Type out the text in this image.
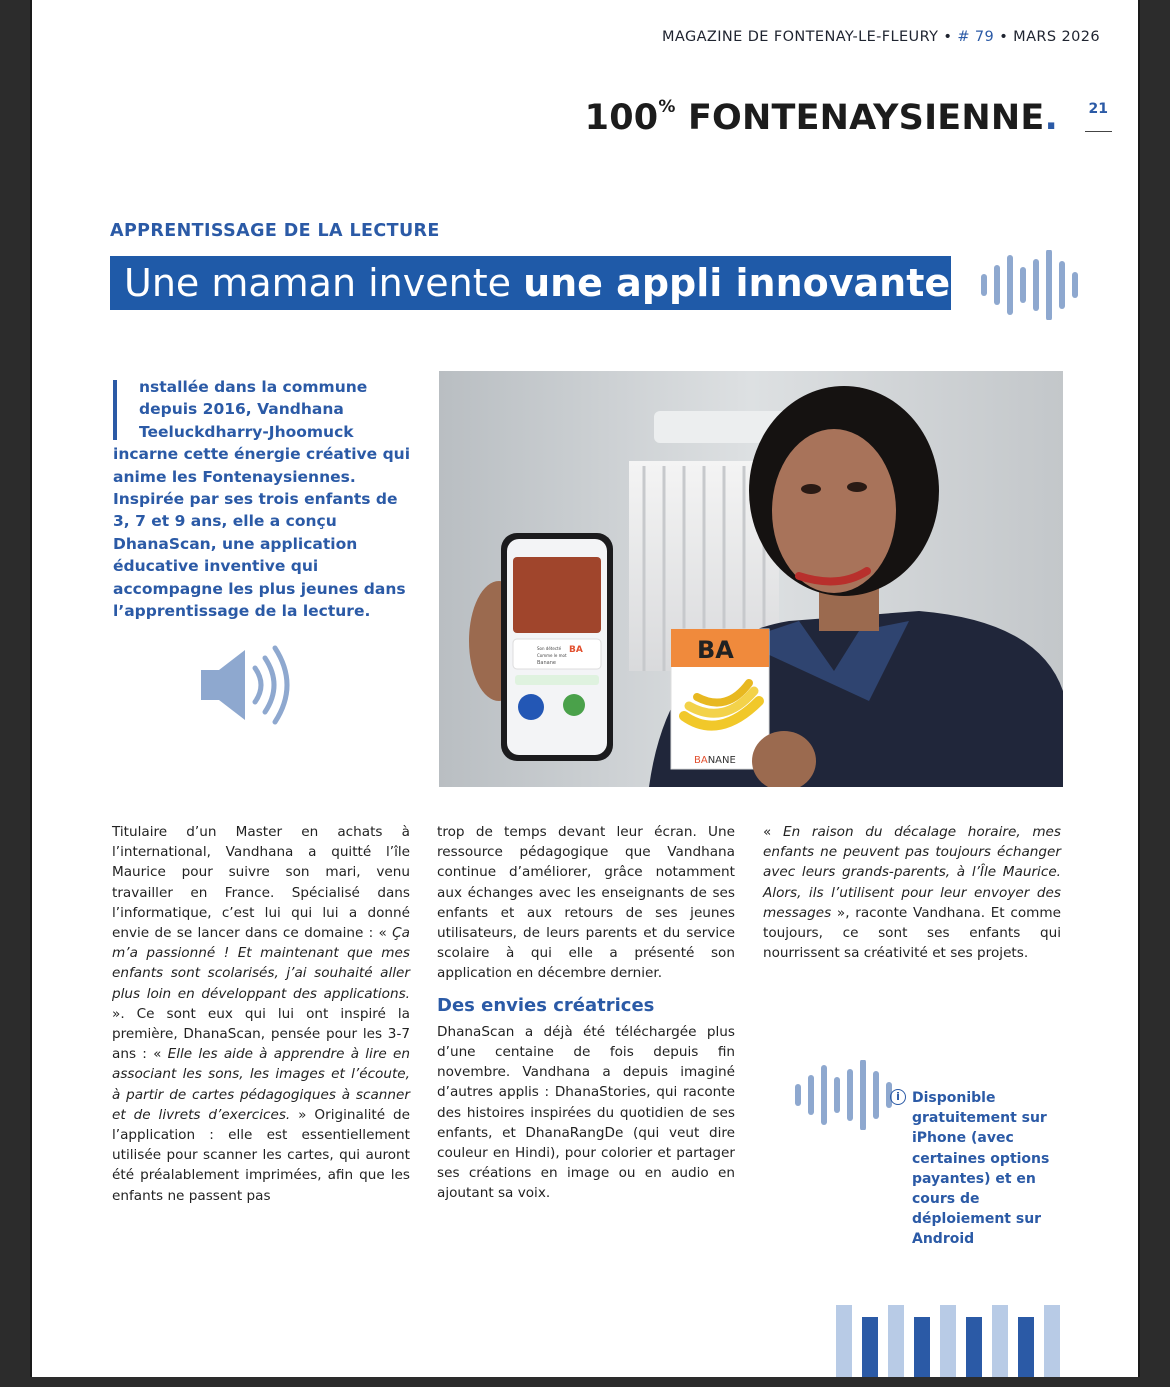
MAGAZINE DE FONTENAY-LE-FLEURY • # 79 • MARS 2026
100% FONTENAYSIENNE. 21
APPRENTISSAGE DE LA LECTURE
Une maman invente une appli innovante
nstallée dans la commune depuis 2016, Vandhana Teeluckdharry-Jhoomuck incarne cette énergie créative qui anime les Fontenaysiennes. Inspirée par ses trois enfants de 3, 7 et 9 ans, elle a conçu DhanaScan, une application éducative inventive qui accompagne les plus jeunes dans l’apprentissage de la lecture.
BA
Son détecté
Comme le mot
Banane	BA
BANANE

Titulaire d’un Master en achats à l’international, Vandhana a quitté l’île Maurice pour suivre son mari, venu travailler en France. Spécialisé dans l’informatique, c’est lui qui lui a donné envie de se lancer dans ce domaine : « Ça m’a passionné ! Et maintenant que mes enfants sont scolarisés, j’ai souhaité aller plus loin en développant des applications. ». Ce sont eux qui lui ont inspiré la première, DhanaScan, pensée pour les 3-7 ans : « Elle les aide à apprendre à lire en associant les sons, les images et l’écoute, à partir de cartes pédagogiques à scanner et de livrets d’exercices. » Originalité de l’application : elle est essentiellement utilisée pour scanner les cartes, qui auront été préalablement imprimées, afin que les enfants ne passent pas

trop de temps devant leur écran. Une ressource pédagogique que Vandhana continue d’améliorer, grâce notamment aux échanges avec les enseignants de ses enfants et aux retours de ses jeunes utilisateurs, de leurs parents et du service scolaire à qui elle a présenté son application en décembre dernier.

Des envies créatrices

DhanaScan a déjà été téléchargée plus d’une centaine de fois depuis fin novembre. Vandhana a depuis imaginé d’autres applis : DhanaStories, qui raconte des histoires inspirées du quotidien de ses enfants, et DhanaRangDe (qui veut dire couleur en Hindi), pour colorier et partager ses créations en image ou en audio en ajoutant sa voix.

« En raison du décalage horaire, mes enfants ne peuvent pas toujours échanger avec leurs grands-parents, à l’Île Maurice. Alors, ils l’utilisent pour leur envoyer des messages », raconte Vandhana. Et comme toujours, ce sont ses enfants qui nourrissent sa créativité et ses projets.

i Disponible gratuitement sur iPhone (avec certaines options payantes) et en cours de déploiement sur Android
